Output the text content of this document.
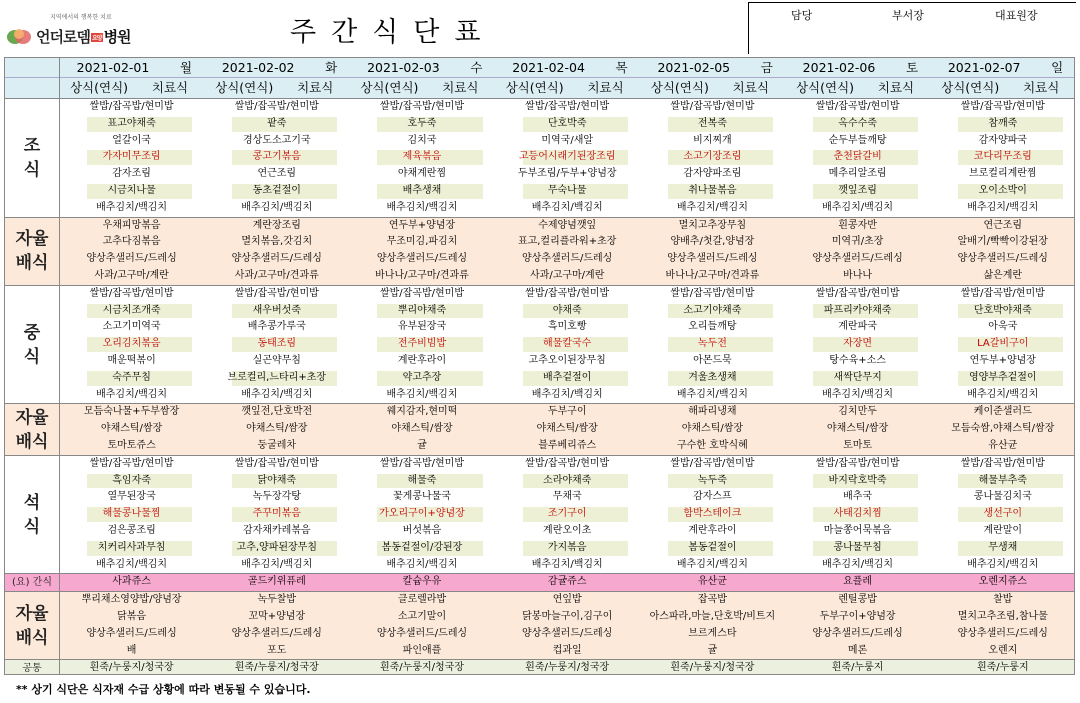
지역에서의 행복한 치료
언더로뎀 요양 병원	주간식단표
담당	부서장	대표원장
2021-02-01	월
상식(연식)	치료식
2021-02-02	화
상식(연식)	치료식
2021-02-03	수
상식(연식)	치료식
2021-02-04	목
상식(연식)	치료식
2021-02-05	금
상식(연식)	치료식
2021-02-06	토
상식(연식)	치료식
2021-02-07	일
상식(연식)	치료식
조
식
쌀밥/잡곡밥/현미밥	쌀밥/잡곡밥/현미밥	쌀밥/잡곡밥/현미밥	쌀밥/잡곡밥/현미밥	쌀밥/잡곡밥/현미밥	쌀밥/잡곡밥/현미밥	쌀밥/잡곡밥/현미밥
표고야채죽	팥죽	호두죽	단호박죽	전복죽	옥수수죽	참깨죽
얼갈이국	경상도소고기국	김치국	미역국/새알	비지찌개	순두부들깨탕	감자양파국
가자미무조림	콩고기볶음	제육볶음	고등어시래기된장조림	소고기장조림	춘천닭갈비	코다리무조림
감자조림	연근조림	야채계란찜	두부조림/두부+양념장	감자양파조림	메추리알조림	브로컬리계란찜
시금치나물	동초겉절이	배추생채	무숙나물	취나물볶음	깻잎조림	오이소박이
배추김치/백김치	배추김치/백김치	배추김치/백김치	배추김치/백김치	배추김치/백김치	배추김치/백김치	배추김치/백김치
자율
배식
우채피망볶음	계란장조림	연두부+양념장	수제양념깻잎	멸치고추장무침	흰콩자반	연근조림
고추다짐볶음	멸치볶음,갓김치	무조미김,파김치	표고,컬리플라워+초장	양배추/첫갈,양념장	미역귀/초장	알배기/빡빡이강된장
양상추샐러드/드레싱	양상추샐러드/드레싱	양상추샐러드/드레싱	양상추샐러드/드레싱	양상추샐러드/드레싱	양상추샐러드/드레싱	양상추샐러드/드레싱
사과/고구마/계란	사과/고구마/견과류	바나나/고구마/견과류	사과/고구마/계란	바나나/고구마/견과류	바나나	삶은계란
중
식
쌀밥/잡곡밥/현미밥	쌀밥/잡곡밥/현미밥	쌀밥/잡곡밥/현미밥	쌀밥/잡곡밥/현미밥	쌀밥/잡곡밥/현미밥	쌀밥/잡곡밥/현미밥	쌀밥/잡곡밥/현미밥
시금치조개죽	새우버섯죽	뿌리야채죽	야채죽	소고기야채죽	파프리카야채죽	단호박야채죽
소고기미역국	배추콩가루국	유부된장국	흑미호빵	오리들깨탕	계란파국	아욱국
오리김치볶음	동태조림	전주비빔밥	해물칼국수	녹두전	자장면	LA갈비구이
매운떡볶이	실곤약무침	계란후라이	고추오이된장무침	아몬드묵	탕수육+소스	연두부+양념장
숙주무침	브로컬리,느타리+초장	약고추장	배추겉절이	겨울초생채	새싹단무지	영양부추겉절이
배추김치/백김치	배추김치/백김치	배추김치/백김치	배추김치/백김치	배추김치/백김치	배추김치/백김치	배추김치/백김치
자율
배식
모듬숙나물+두부쌈장	깻잎전,단호박전	웨지감자,현미떡	두부구이	해파리냉채	김치만두	케이준샐러드
야채스틱/쌈장	야채스틱/쌈장	야채스틱/쌈장	야채스틱/쌈장	야채스틱/쌈장	야채스틱/쌈장	모듬숙쌈,야채스틱/쌈장
토마토쥬스	둥굴레차	귤	블루베리쥬스	구수한 호박식혜	토마토	유산균
석
식
쌀밥/잡곡밥/현미밥	쌀밥/잡곡밥/현미밥	쌀밥/잡곡밥/현미밥	쌀밥/잡곡밥/현미밥	쌀밥/잡곡밥/현미밥	쌀밥/잡곡밥/현미밥	쌀밥/잡곡밥/현미밥
흑임자죽	닭야채죽	해물죽	소라야채죽	녹두죽	바지락호박죽	해물부추죽
열무된장국	녹두장각탕	꽃게콩나물국	무채국	감자스프	배추국	콩나물김치국
해물콩나물찜	주꾸미볶음	가오리구이+양념장	조기구이	함박스테이크	사태김치찜	생선구이
검은콩조림	감자채카레볶음	버섯볶음	계란오이초	계란후라이	마늘쫑어묵볶음	계란말이
치커리사과무침	고추,양파된장무침	봄동겉절이/강된장	가지볶음	봄동겉절이	콩나물무침	무생채
배추김치/백김치	배추김치/백김치	배추김치/백김치	배추김치/백김치	배추김치/백김치	배추김치/백김치	배추김치/백김치
(요) 간식	사과쥬스	골드키위퓨레	칼슘우유	감귤쥬스	유산균	요플레	오렌지쥬스
자율
배식
뿌리채소영양밥/양념장	녹두찰밥	클로렐라밥	연잎밥	잡곡밥	렌틸콩밥	찰밥
닭볶음	꼬막+양념장	소고기말이	닭봉마늘구이,김구이	아스파라,마늘,단호박/비트지	두부구이+양념장	멸치고추조림,참나물
양상추샐러드/드레싱	양상추샐러드/드레싱	양상추샐러드/드레싱	양상추샐러드/드레싱	브르게스타	양상추샐러드/드레싱	양상추샐러드/드레싱
배	포도	파인애플	컵과일	귤	메론	오렌지
공통	흰죽/누룽지/청국장	흰죽/누룽지/청국장	흰죽/누룽지/청국장	흰죽/누룽지/청국장	흰죽/누룽지/청국장	흰죽/누룽지	흰죽/누룽지
** 상기 식단은 식자재 수급 상황에 따라 변동될 수 있습니다.
